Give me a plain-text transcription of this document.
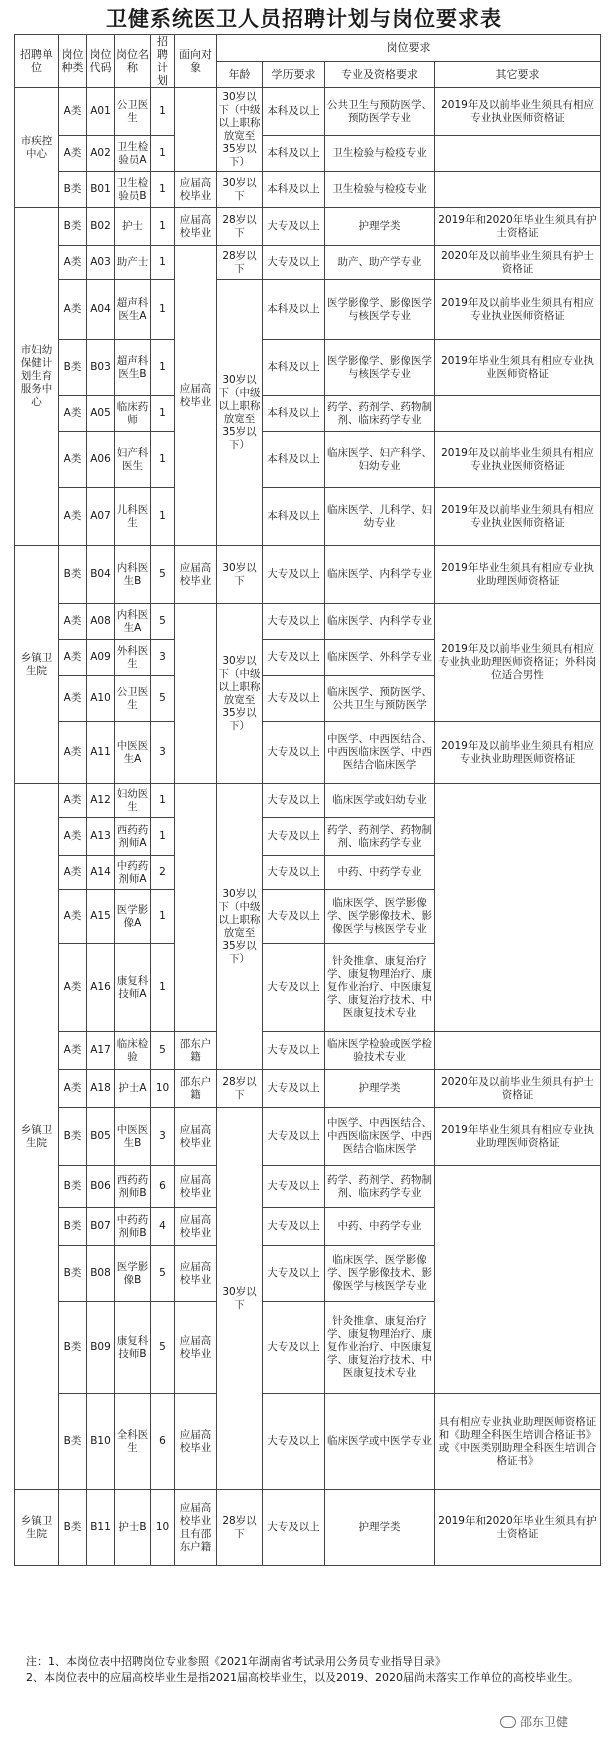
卫健系统医卫人员招聘计划与岗位要求表
招聘单位	岗位种类	岗位代码	岗位名称	招聘计划	面向对象	岗位要求			
						年龄	学历要求	专业及资格要求	其它要求
市疾控中心	A类	A01	公卫医生	1		30岁以下（中级以上职称放宽至35岁以下）	本科及以上	公共卫生与预防医学、预防医学专业	2019年及以前毕业生须具有相应专业执业医师资格证
	A类	A02	卫生检验员A	1			本科及以上	卫生检验与检疫专业	
	B类	B01	卫生检验员B	1	应届高校毕业	30岁以下	本科及以上	卫生检验与检疫专业	
市妇幼保健计划生育服务中心	B类	B02	护士	1	应届高校毕业	28岁以下	大专及以上	护理学类	2019年和2020年毕业生须具有护士资格证
	A类	A03	助产士	1	应届高校毕业	28岁以下	大专及以上	助产、助产学专业	2020年及以前毕业生须具有护士资格证
	A类	A04	超声科医生A	1		30岁以下（中级以上职称放宽至35岁以下）	本科及以上	医学影像学、影像医学与核医学专业	2019年及以前毕业生须具有相应专业执业医师资格证
	B类	B03	超声科医生B	1			本科及以上	医学影像学、影像医学与核医学专业	2019年毕业生须具有相应专业执业医师资格证
	A类	A05	临床药师	1			本科及以上	药学、药剂学、药物制剂、临床药学专业	
	A类	A06	妇产科医生	1			本科及以上	临床医学、妇产科学、妇幼专业	2019年及以前毕业生须具有相应专业执业医师资格证
	A类	A07	儿科医生	1			本科及以上	临床医学、儿科学、妇幼专业	2019年及以前毕业生须具有相应专业执业医师资格证
乡镇卫生院	B类	B04	内科医生B	5	应届高校毕业	30岁以下	大专及以上	临床医学、内科学专业	2019年毕业生须具有相应专业执业助理医师资格证
	A类	A08	内科医生A	5		30岁以下（中级以上职称放宽至35岁以下）	大专及以上	临床医学、内科学专业	2019年及以前毕业生须具有相应专业执业助理医师资格证；外科岗位适合男性
	A类	A09	外科医生	3			大专及以上	临床医学、外科学专业	
	A类	A10	公卫医生	5			大专及以上	临床医学、预防医学、公共卫生与预防医学	
	A类	A11	中医医生A	3			大专及以上	中医学、中西医结合、中西医临床医学、中西医结合临床医学	2019年及以前毕业生须具有相应专业执业助理医师资格证
乡镇卫生院	A类	A12	妇幼医生	1		30岁以下（中级以上职称放宽至35岁以下）	大专及以上	临床医学或妇幼专业	
	A类	A13	西药药剂师A	1			大专及以上	药学、药剂学、药物制剂、临床药学专业	
	A类	A14	中药药剂师A	2			大专及以上	中药、中药学专业	
	A类	A15	医学影像A	1			大专及以上	临床医学、医学影像学、医学影像技术、影像医学与核医学专业	
	A类	A16	康复科技师A	1			大专及以上	针灸推拿、康复治疗学、康复物理治疗、康复作业治疗、中医康复学、康复治疗技术、中医康复技术专业	
	A类	A17	临床检验	5	邵东户籍		大专及以上	临床医学检验或医学检验技术专业	
	A类	A18	护士A	10	邵东户籍	28岁以下	大专及以上	护理学类	2020年及以前毕业生须具有护士资格证
	B类	B05	中医医生B	3	应届高校毕业	30岁以下	大专及以上	中医学、中西医结合、中西医临床医学、中西医结合临床医学	2019年毕业生须具有相应专业执业助理医师资格证
	B类	B06	西药药剂师B	6	应届高校毕业		大专及以上	药学、药剂学、药物制剂、临床药学专业	
	B类	B07	中药药剂师B	4	应届高校毕业		大专及以上	中药、中药学专业	
	B类	B08	医学影像B	5	应届高校毕业		大专及以上	临床医学、医学影像学、医学影像技术、影像医学与核医学专业	
	B类	B09	康复科技师B	5	应届高校毕业		大专及以上	针灸推拿、康复治疗学、康复物理治疗、康复作业治疗、中医康复学、康复治疗技术、中医康复技术专业	
	B类	B10	全科医生	6	应届高校毕业		大专及以上	临床医学或中医学专业	具有相应专业执业助理医师资格证和《助理全科医生培训合格证书》或《中医类别助理全科医生培训合格证书》
乡镇卫生院	B类	B11	护士B	10	应届高校毕业且有邵东户籍	28岁以下	大专及以上	护理学类	2019年和2020年毕业生须具有护士资格证
注：1、本岗位表中招聘岗位专业参照《2021年湖南省考试录用公务员专业指导目录》
2、本岗位表中的应届高校毕业生是指2021届高校毕业生，以及2019、2020届尚未落实工作单位的高校毕业生。
邵东卫健
